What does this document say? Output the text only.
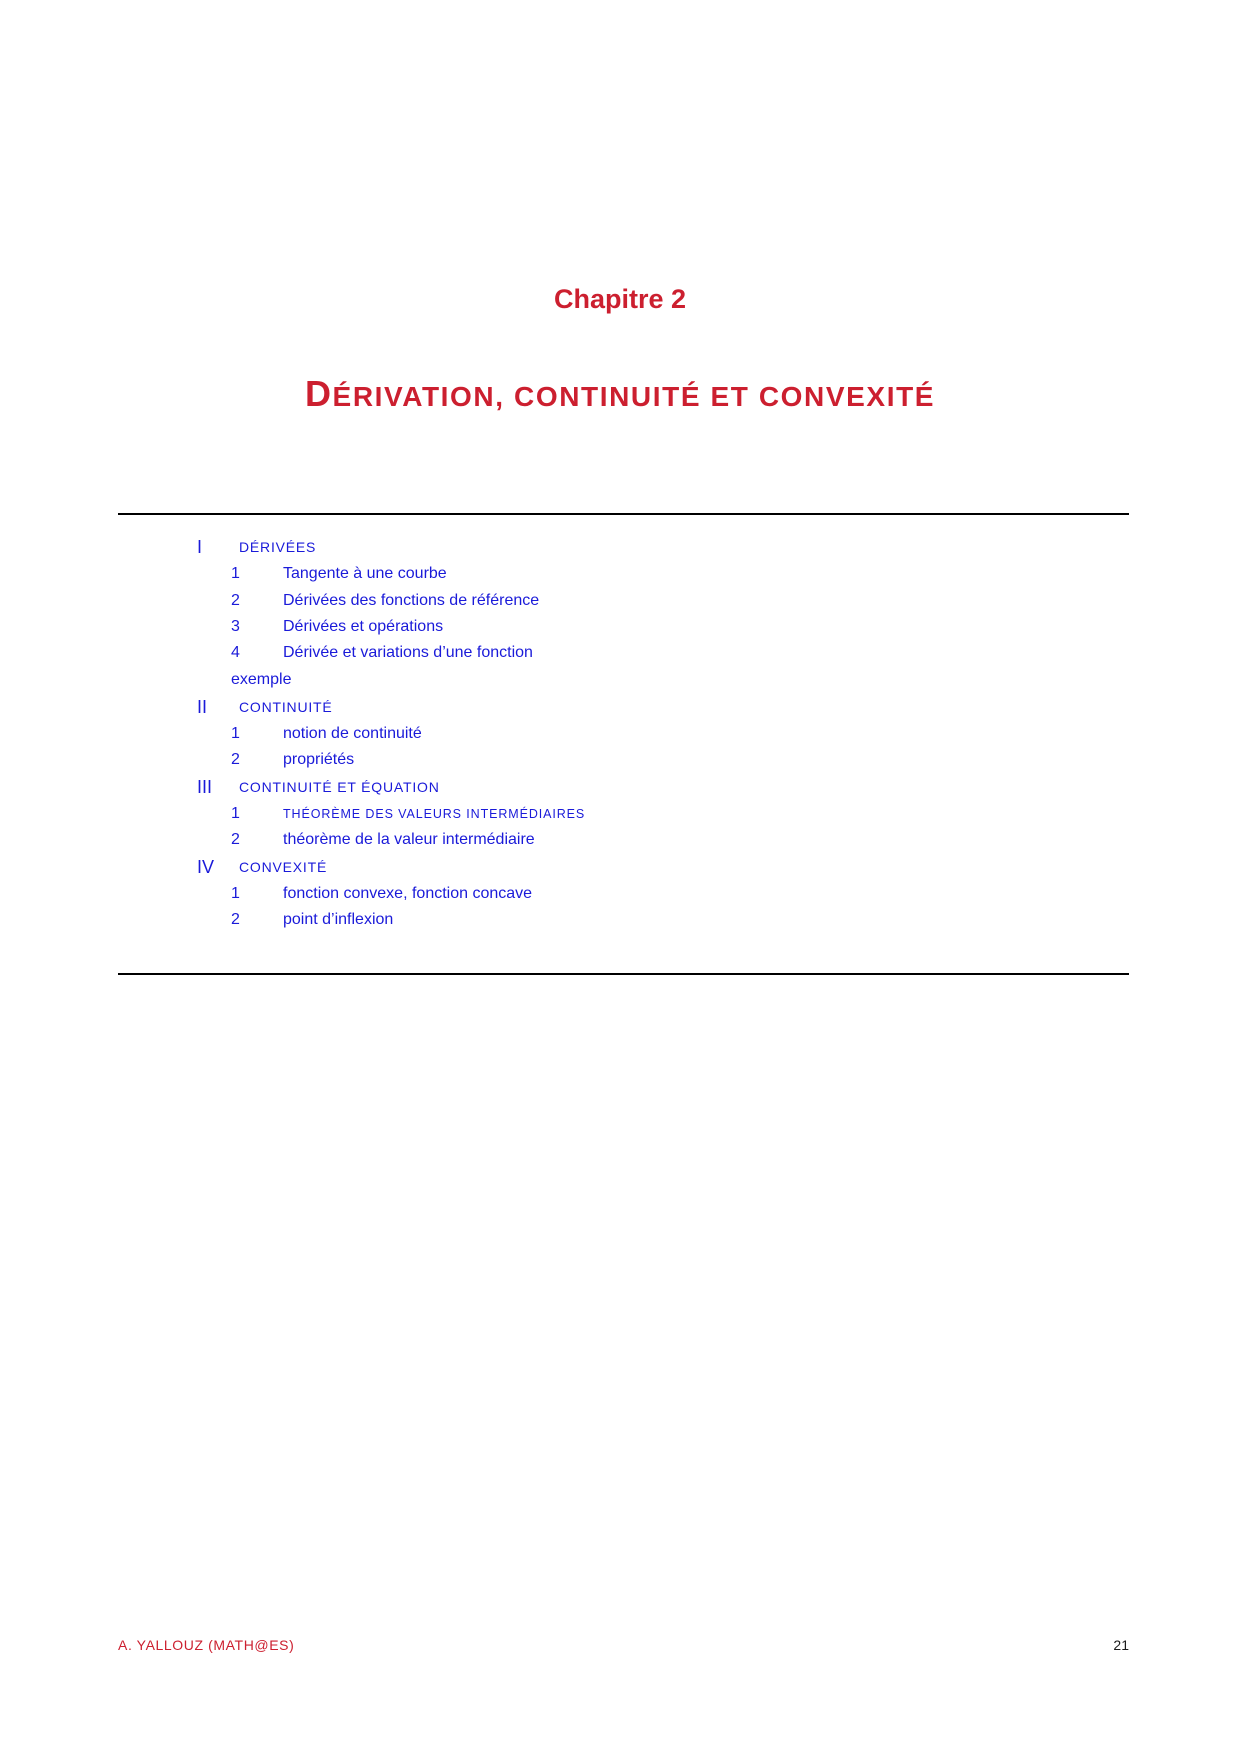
Chapitre 2
DÉRIVATION, CONTINUITÉ ET CONVEXITÉ
I	DÉRIVÉES
1	Tangente à une courbe
2	Dérivées des fonctions de référence
3	Dérivées et opérations
4	Dérivée et variations d’une fonction
exemple
II CONTINUITÉ
1	notion de continuité
2	propriétés
III CONTINUITÉ ET ÉQUATION
1	THÉORÈME DES VALEURS INTERMÉDIAIRES
2	théorème de la valeur intermédiaire
IV CONVEXITÉ
1	fonction convexe, fonction concave
2	point d’inflexion
A. YALLOUZ (MATH@ES)	21
